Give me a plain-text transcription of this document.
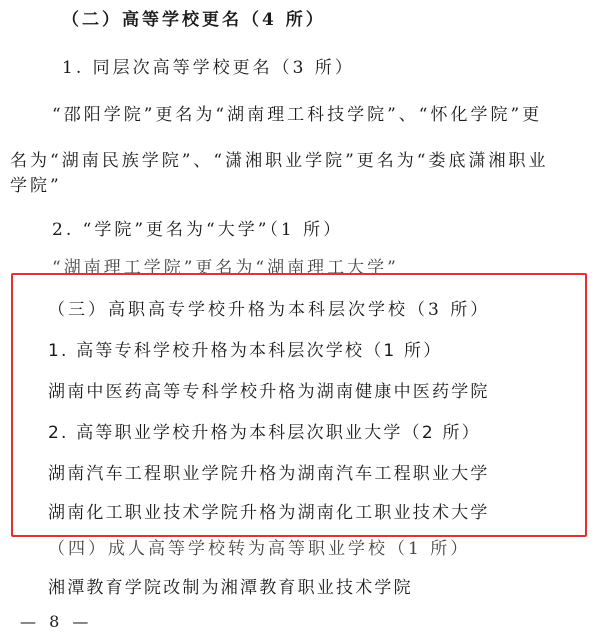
（二）高等学校更名（4 所）
1. 同层次高等学校更名（3 所）
“邵阳学院”更名为“湖南理工科技学院”、“怀化学院”更
名为“湖南民族学院”、“潇湘职业学院”更名为“娄底潇湘职业
学院”
2. “学院”更名为“大学”（1 所）
“湖南理工学院”更名为“湖南理工大学”
（三）高职高专学校升格为本科层次学校（3 所）
1. 高等专科学校升格为本科层次学校（1 所）
湖南中医药高等专科学校升格为湖南健康中医药学院
2. 高等职业学校升格为本科层次职业大学（2 所）
湖南汽车工程职业学院升格为湖南汽车工程职业大学
湖南化工职业技术学院升格为湖南化工职业技术大学
（四）成人高等学校转为高等职业学校（1 所）
湘潭教育学院改制为湘潭教育职业技术学院
— 8 —
